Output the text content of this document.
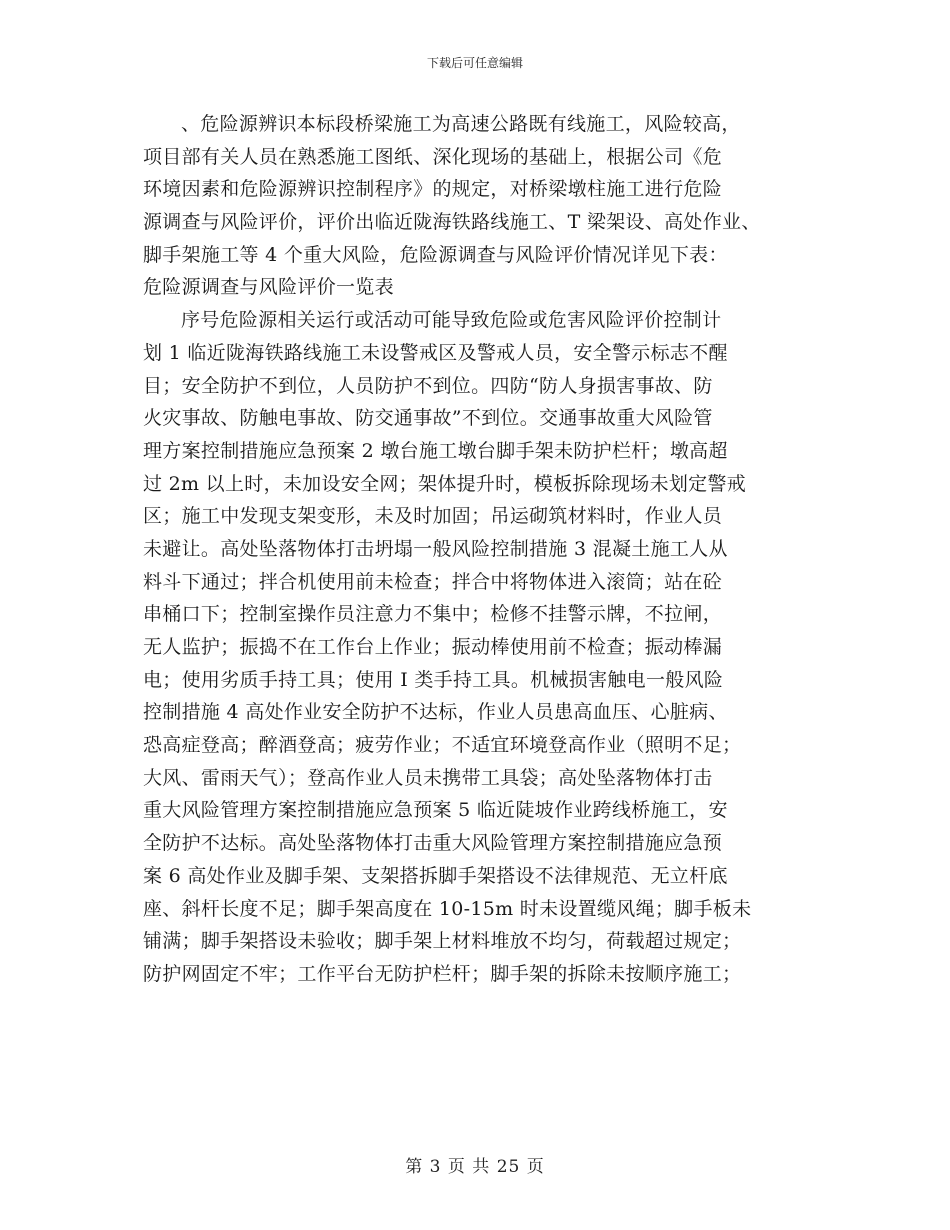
下载后可任意编辑
、危险源辨识本标段桥梁施工为高速公路既有线施工，风险较高，
项目部有关人员在熟悉施工图纸、深化现场的基础上，根据公司《危
环境因素和危险源辨识控制程序》的规定，对桥梁墩柱施工进行危险
源调查与风险评价，评价出临近陇海铁路线施工、T 梁架设、高处作业、
脚手架施工等 4 个重大风险，危险源调查与风险评价情况详见下表：
危险源调查与风险评价一览表
序号危险源相关运行或活动可能导致危险或危害风险评价控制计
划 1 临近陇海铁路线施工未设警戒区及警戒人员，安全警示标志不醒
目；安全防护不到位，人员防护不到位。四防“防人身损害事故、防
火灾事故、防触电事故、防交通事故”不到位。交通事故重大风险管
理方案控制措施应急预案 2 墩台施工墩台脚手架未防护栏杆；墩高超
过 2m 以上时，未加设安全网；架体提升时，模板拆除现场未划定警戒
区；施工中发现支架变形，未及时加固；吊运砌筑材料时，作业人员
未避让。高处坠落物体打击坍塌一般风险控制措施 3 混凝土施工人从
料斗下通过；拌合机使用前未检查；拌合中将物体进入滚筒；站在砼
串桶口下；控制室操作员注意力不集中；检修不挂警示牌，不拉闸，
无人监护；振捣不在工作台上作业；振动棒使用前不检查；振动棒漏
电；使用劣质手持工具；使用 I 类手持工具。机械损害触电一般风险
控制措施 4 高处作业安全防护不达标，作业人员患高血压、心脏病、
恐高症登高；醉酒登高；疲劳作业；不适宜环境登高作业（照明不足；
大风、雷雨天气）；登高作业人员未携带工具袋；高处坠落物体打击
重大风险管理方案控制措施应急预案 5 临近陡坡作业跨线桥施工，安
全防护不达标。高处坠落物体打击重大风险管理方案控制措施应急预
案 6 高处作业及脚手架、支架搭拆脚手架搭设不法律规范、无立杆底
座、斜杆长度不足；脚手架高度在 10-15m 时未设置缆风绳；脚手板未
铺满；脚手架搭设未验收；脚手架上材料堆放不均匀，荷载超过规定；
防护网固定不牢；工作平台无防护栏杆；脚手架的拆除未按顺序施工；
第 3 页 共 25 页
